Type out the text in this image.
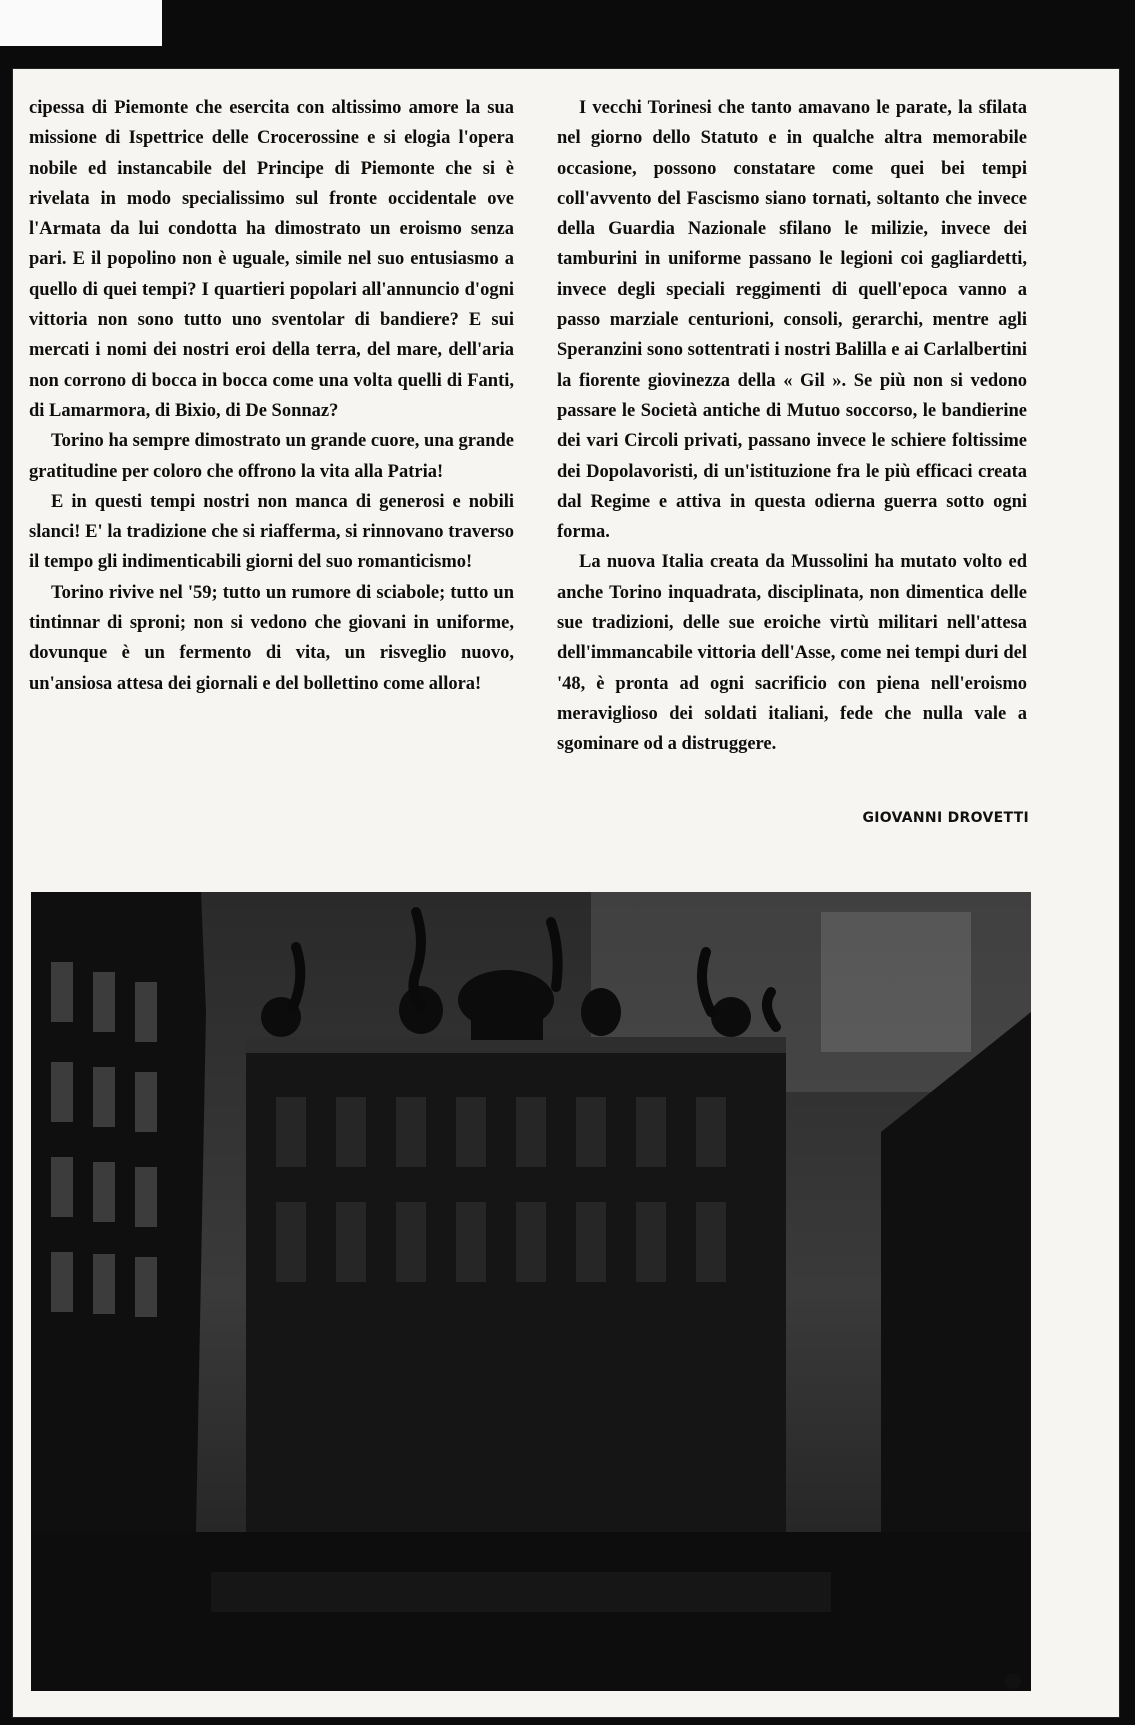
cipessa di Piemonte che esercita con altissimo amore la sua missione di Ispettrice delle Crocerossine e si elogia l'opera nobile ed instancabile del Principe di Piemonte che si è rivelata in modo specialissimo sul fronte occidentale ove l'Armata da lui condotta ha dimostrato un eroismo senza pari. E il popolino non è uguale, simile nel suo entusiasmo a quello di quei tempi? I quartieri popolari all'annuncio d'ogni vittoria non sono tutto uno sventolar di bandiere? E sui mercati i nomi dei nostri eroi della terra, del mare, dell'aria non corrono di bocca in bocca come una volta quelli di Fanti, di Lamarmora, di Bixio, di De Sonnaz?

Torino ha sempre dimostrato un grande cuore, una grande gratitudine per coloro che offrono la vita alla Patria!

E in questi tempi nostri non manca di generosi e nobili slanci! E' la tradizione che si riafferma, si rinnovano traverso il tempo gli indimenticabili giorni del suo romanticismo!

Torino rivive nel '59; tutto un rumore di sciabole; tutto un tintinnar di sproni; non si vedono che giovani in uniforme, dovunque è un fermento di vita, un risveglio nuovo, un'ansiosa attesa dei giornali e del bollettino come allora!

I vecchi Torinesi che tanto amavano le parate, la sfilata nel giorno dello Statuto e in qualche altra memorabile occasione, possono constatare come quei bei tempi coll'avvento del Fascismo siano tornati, soltanto che invece della Guardia Nazionale sfilano le milizie, invece dei tamburini in uniforme passano le legioni coi gagliardetti, invece degli speciali reggimenti di quell'epoca vanno a passo marziale centurioni, consoli, gerarchi, mentre agli Speranzini sono sottentrati i nostri Balilla e ai Carlalbertini la fiorente giovinezza della « Gil ». Se più non si vedono passare le Società antiche di Mutuo soccorso, le bandierine dei vari Circoli privati, passano invece le schiere foltissime dei Dopolavoristi, di un'istituzione fra le più efficaci creata dal Regime e attiva in questa odierna guerra sotto ogni forma.

La nuova Italia creata da Mussolini ha mutato volto ed anche Torino inquadrata, disciplinata, non dimentica delle sue tradizioni, delle sue eroiche virtù militari nell'attesa dell'immancabile vittoria dell'Asse, come nei tempi duri del '48, è pronta ad ogni sacrificio con piena nell'eroismo meraviglioso dei soldati italiani, fede che nulla vale a sgominare od a distruggere.

GIOVANNI DROVETTI
